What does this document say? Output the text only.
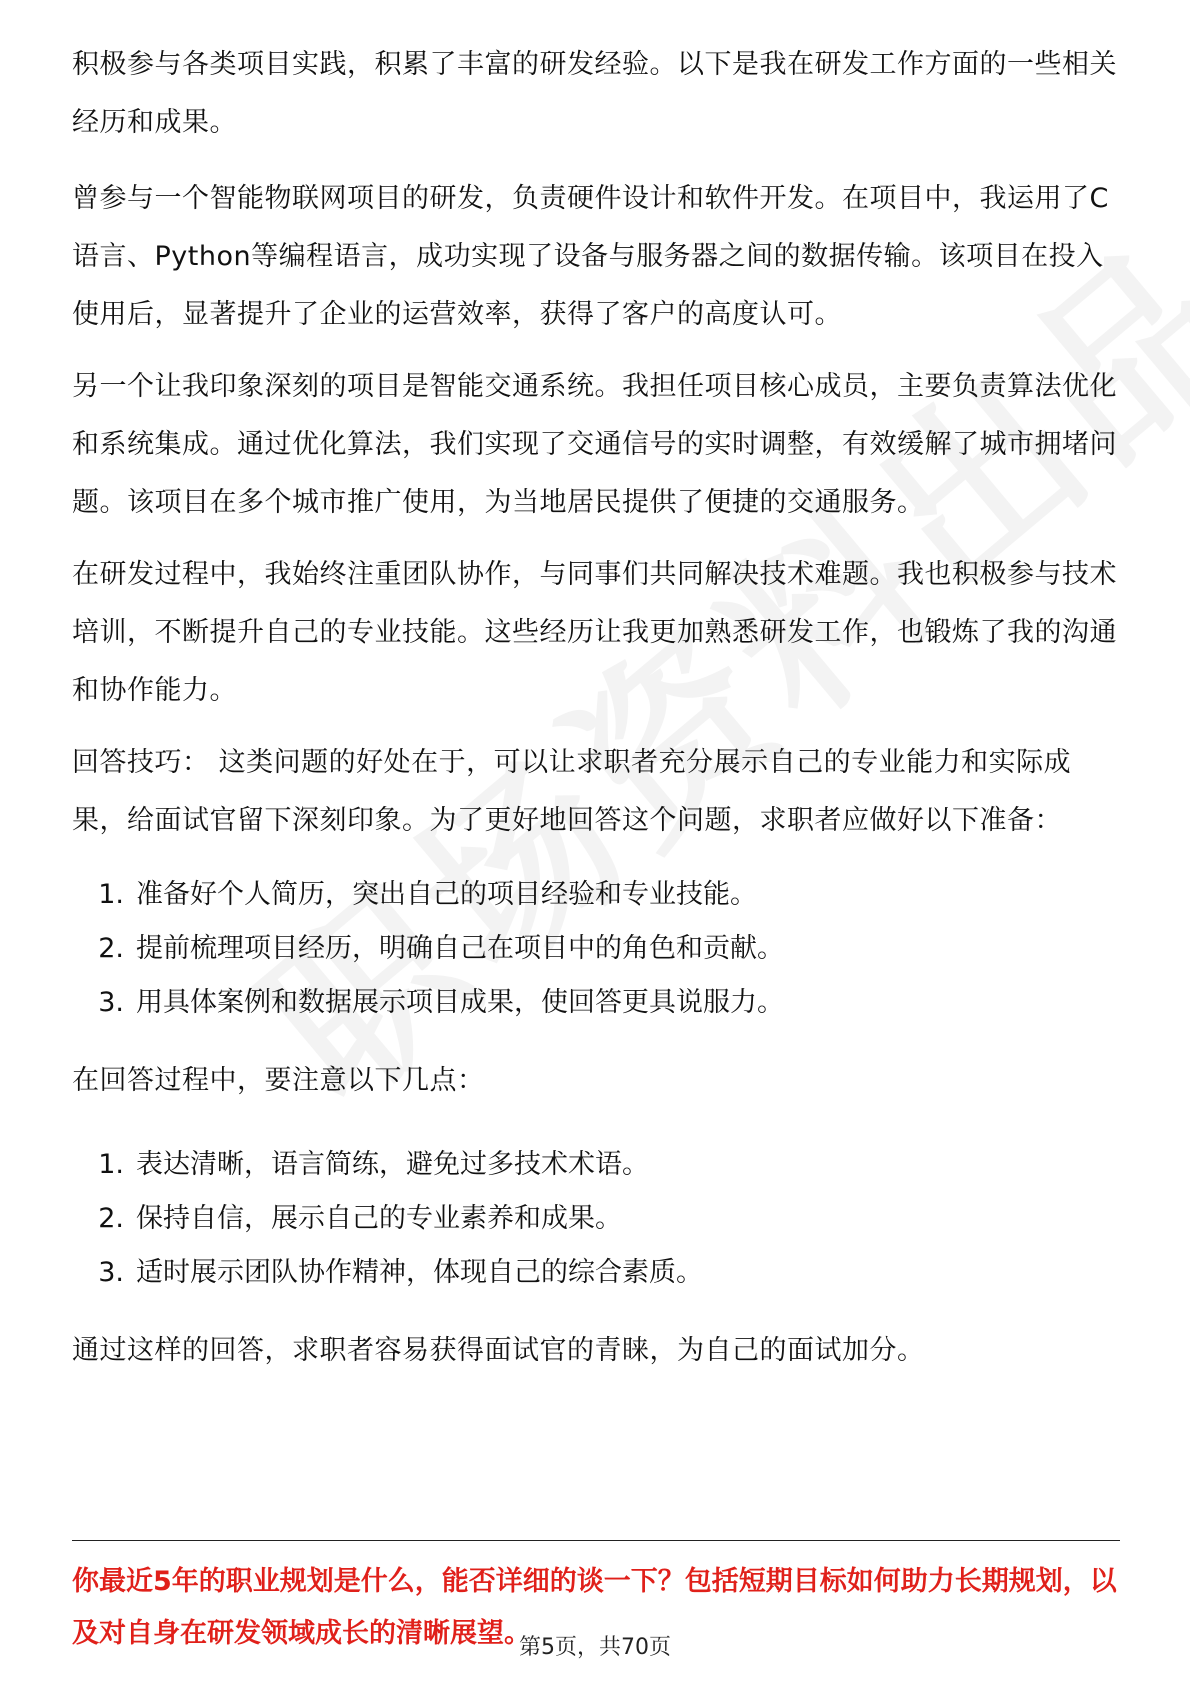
积极参与各类项目实践，积累了丰富的研发经验。以下是我在研发工作方面的一些相关经历和成果。

曾参与一个智能物联网项目的研发，负责硬件设计和软件开发。在项目中，我运用了C语言、Python等编程语言，成功实现了设备与服务器之间的数据传输。该项目在投入使用后，显著提升了企业的运营效率，获得了客户的高度认可。

另一个让我印象深刻的项目是智能交通系统。我担任项目核心成员，主要负责算法优化和系统集成。通过优化算法，我们实现了交通信号的实时调整，有效缓解了城市拥堵问题。该项目在多个城市推广使用，为当地居民提供了便捷的交通服务。

在研发过程中，我始终注重团队协作，与同事们共同解决技术难题。我也积极参与技术培训，不断提升自己的专业技能。这些经历让我更加熟悉研发工作，也锻炼了我的沟通和协作能力。

回答技巧： 这类问题的好处在于，可以让求职者充分展示自己的专业能力和实际成果，给面试官留下深刻印象。为了更好地回答这个问题，求职者应做好以下准备：

1. 准备好个人简历，突出自己的项目经验和专业技能。
2. 提前梳理项目经历，明确自己在项目中的角色和贡献。
3. 用具体案例和数据展示项目成果，使回答更具说服力。

在回答过程中，要注意以下几点：

1. 表达清晰，语言简练，避免过多技术术语。
2. 保持自信，展示自己的专业素养和成果。
3. 适时展示团队协作精神，体现自己的综合素质。

通过这样的回答，求职者容易获得面试官的青睐，为自己的面试加分。

你最近5年的职业规划是什么，能否详细的谈一下？包括短期目标如何助力长期规划，以及对自身在研发领域成长的清晰展望。

第5页，共70页
